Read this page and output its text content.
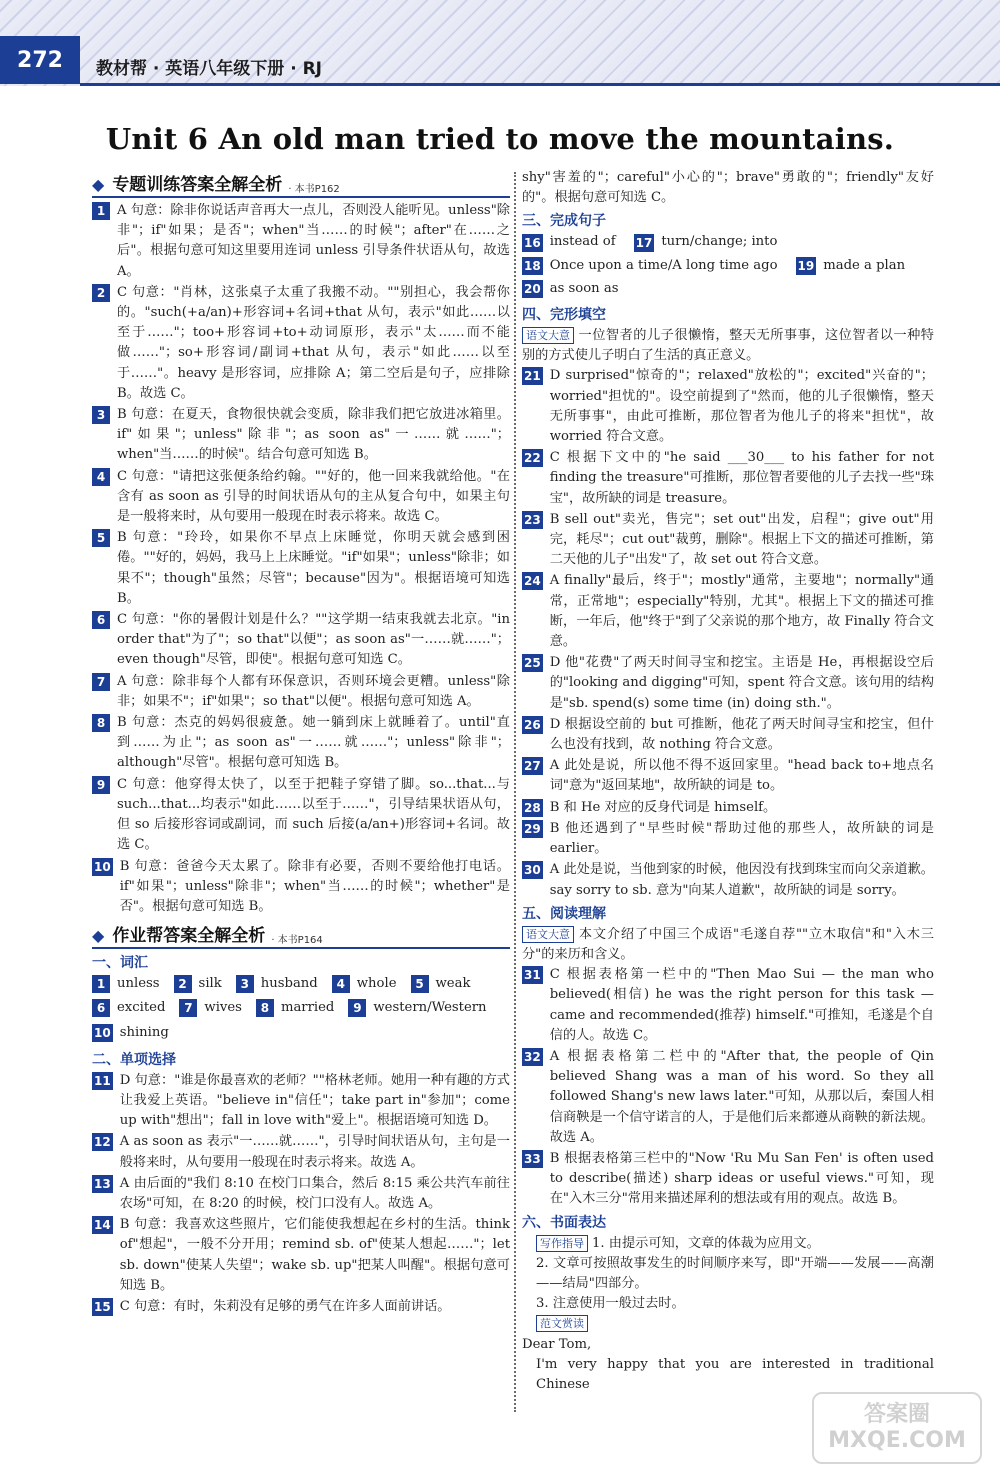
272	教材帮 · 英语八年级下册 · RJ
Unit 6 An old man tried to move the mountains.
◆ 专题训练答案全解全析 · 本书P162
1 A 句意：除非你说话声音再大一点儿，否则没人能听见。unless"除非"；if"如果；是否"；when"当……的时候"；after"在……之后"。根据句意可知这里要用连词 unless 引导条件状语从句，故选 A。
2 C 句意："肖林，这张桌子太重了我搬不动。""别担心，我会帮你的。"such(+a/an)+形容词+名词+that 从句，表示"如此……以至于……"；too+形容词+to+动词原形，表示"太……而不能做……"；so+形容词/副词+that 从句，表示"如此……以至于……"。heavy 是形容词，应排除 A；第二空后是句子，应排除 B。故选 C。
3 B 句意：在夏天，食物很快就会变质，除非我们把它放进冰箱里。if"如果"；unless"除非"；as soon as"一……就……"；when"当……的时候"。结合句意可知选 B。
4 C 句意："请把这张便条给约翰。""好的，他一回来我就给他。"在含有 as soon as 引导的时间状语从句的主从复合句中，如果主句是一般将来时，从句要用一般现在时表示将来。故选 C。
5 B 句意："玲玲，如果你不早点上床睡觉，你明天就会感到困倦。""好的，妈妈，我马上上床睡觉。"if"如果"；unless"除非；如果不"；though"虽然；尽管"；because"因为"。根据语境可知选 B。
6 C 句意："你的暑假计划是什么？""这学期一结束我就去北京。"in order that"为了"；so that"以便"；as soon as"一……就……"；even though"尽管，即使"。根据句意可知选 C。
7 A 句意：除非每个人都有环保意识，否则环境会更糟。unless"除非；如果不"；if"如果"；so that"以便"。根据句意可知选 A。
8 B 句意：杰克的妈妈很疲惫。她一躺到床上就睡着了。until"直到……为止"；as soon as"一……就……"；unless"除非"；although"尽管"。根据句意可知选 B。
9 C 句意：他穿得太快了，以至于把鞋子穿错了脚。so...that...与 such...that...均表示"如此……以至于……"，引导结果状语从句，但 so 后接形容词或副词，而 such 后接(a/an+)形容词+名词。故选 C。
10 B 句意：爸爸今天太累了。除非有必要，否则不要给他打电话。if"如果"；unless"除非"；when"当……的时候"；whether"是否"。根据句意可知选 B。
◆ 作业帮答案全解全析 · 本书P164
一、词汇
1 unless	2 silk	3 husband	4 whole	5 weak
6 excited	7 wives	8 married	9 western/Western
10 shining
二、单项选择
11 D 句意："谁是你最喜欢的老师？""格林老师。她用一种有趣的方式让我爱上英语。"believe in"信任"；take part in"参加"；come up with"想出"；fall in love with"爱上"。根据语境可知选 D。
12 A as soon as 表示"一……就……"，引导时间状语从句，主句是一般将来时，从句要用一般现在时表示将来。故选 A。
13 A 由后面的"我们 8:10 在校门口集合，然后 8:15 乘公共汽车前往农场"可知，在 8:20 的时候，校门口没有人。故选 A。
14 B 句意：我喜欢这些照片，它们能使我想起在乡村的生活。think of"想起"，一般不分开用；remind sb. of"使某人想起……"；let sb. down"使某人失望"；wake sb. up"把某人叫醒"。根据句意可知选 B。
15 C 句意：有时，朱莉没有足够的勇气在许多人面前讲话。
shy"害羞的"；careful"小心的"；brave"勇敢的"；friendly"友好的"。根据句意可知选 C。
三、完成句子
16 instead of 17 turn/change; into
18 Once upon a time/A long time ago 19 made a plan
20 as soon as
四、完形填空
语文大意 一位智者的儿子很懒惰，整天无所事事，这位智者以一种特别的方式使儿子明白了生活的真正意义。
21 D surprised"惊奇的"；relaxed"放松的"；excited"兴奋的"；worried"担忧的"。设空前提到了"然而，他的儿子很懒惰，整天无所事事"，由此可推断，那位智者为他儿子的将来"担忧"，故 worried 符合文意。
22 C 根据下文中的"he said ___30___ to his father for not finding the treasure"可推断，那位智者要他的儿子去找一些"珠宝"，故所缺的词是 treasure。
23 B sell out"卖光，售完"；set out"出发，启程"；give out"用完，耗尽"；cut out"裁剪，删除"。根据上下文的描述可推断，第二天他的儿子"出发"了，故 set out 符合文意。
24 A finally"最后，终于"；mostly"通常，主要地"；normally"通常，正常地"；especially"特别，尤其"。根据上下文的描述可推断，一年后，他"终于"到了父亲说的那个地方，故 Finally 符合文意。
25 D 他"花费"了两天时间寻宝和挖宝。主语是 He，再根据设空后的"looking and digging"可知，spent 符合文意。该句用的结构是"sb. spend(s) some time (in) doing sth."。
26 D 根据设空前的 but 可推断，他花了两天时间寻宝和挖宝，但什么也没有找到，故 nothing 符合文意。
27 A 此处是说，所以他不得不返回家里。"head back to+地点名词"意为"返回某地"，故所缺的词是 to。
28 B 和 He 对应的反身代词是 himself。
29 B 他还遇到了"早些时候"帮助过他的那些人，故所缺的词是 earlier。
30 A 此处是说，当他到家的时候，他因没有找到珠宝而向父亲道歉。say sorry to sb. 意为"向某人道歉"，故所缺的词是 sorry。
五、阅读理解
语文大意 本文介绍了中国三个成语"毛遂自荐""立木取信"和"入木三分"的来历和含义。
31 C 根据表格第一栏中的"Then Mao Sui — the man who believed(相信) he was the right person for this task — came and recommended(推荐) himself."可推知，毛遂是个自信的人。故选 C。
32 A 根据表格第二栏中的"After that, the people of Qin believed Shang was a man of his word. So they all followed Shang's new laws later."可知，从那以后，秦国人相信商鞅是一个信守诺言的人，于是他们后来都遵从商鞅的新法规。故选 A。
33 B 根据表格第三栏中的"Now 'Ru Mu San Fen' is often used to describe(描述) sharp ideas or useful views."可知，现在"入木三分"常用来描述犀利的想法或有用的观点。故选 B。
六、书面表达
写作指导 1. 由提示可知，文章的体裁为应用文。
2. 文章可按照故事发生的时间顺序来写，即"开端——发展——高潮——结局"四部分。
3. 注意使用一般过去时。
范文赏读
Dear Tom,
I'm very happy that you are interested in traditional Chinese
答案圈
MXQE.COM
